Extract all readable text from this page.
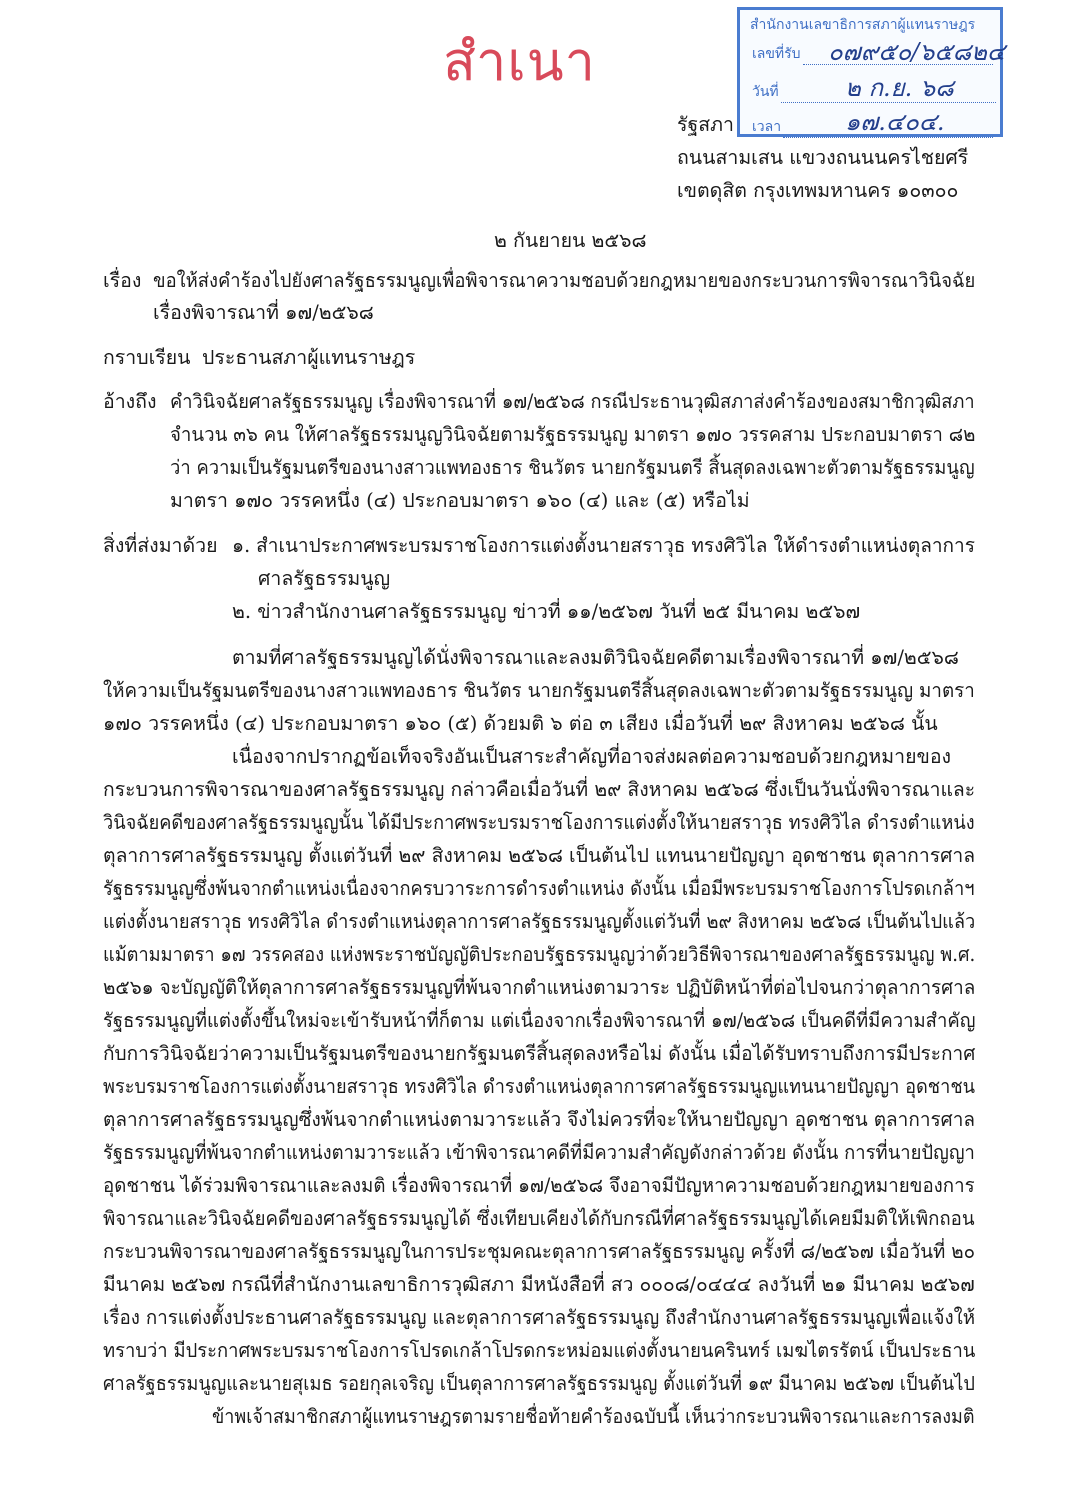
สำเนา
สำนักงานเลขาธิการสภาผู้แทนราษฎร
เลขที่รับ	๐๗๙๕๐/๖๕๘๒๔
วันที่	๒ ก.ย. ๖๘
เวลา	๑๗.๔๐๔.
รัฐสภา
ถนนสามเสน แขวงถนนนครไชยศรี
เขตดุสิต กรุงเทพมหานคร ๑๐๓๐๐
๒ กันยายน ๒๕๖๘
เรื่อง ขอให้ส่งคำร้องไปยังศาลรัฐธรรมนูญเพื่อพิจารณาความชอบด้วยกฎหมายของกระบวนการพิจารณาวินิจฉัย
เรื่องพิจารณาที่ ๑๗/๒๕๖๘
กราบเรียน ประธานสภาผู้แทนราษฎร
อ้างถึง คำวินิจฉัยศาลรัฐธรรมนูญ เรื่องพิจารณาที่ ๑๗/๒๕๖๘ กรณีประธานวุฒิสภาส่งคำร้องของสมาชิกวุฒิสภา
จำนวน ๓๖ คน ให้ศาลรัฐธรรมนูญวินิจฉัยตามรัฐธรรมนูญ มาตรา ๑๗๐ วรรคสาม ประกอบมาตรา ๘๒
ว่า ความเป็นรัฐมนตรีของนางสาวแพทองธาร ชินวัตร นายกรัฐมนตรี สิ้นสุดลงเฉพาะตัวตามรัฐธรรมนูญ
มาตรา ๑๗๐ วรรคหนึ่ง (๔) ประกอบมาตรา ๑๖๐ (๔) และ (๕) หรือไม่
สิ่งที่ส่งมาด้วย ๑. สำเนาประกาศพระบรมราชโองการแต่งตั้งนายสราวุธ ทรงศิวิไล ให้ดำรงตำแหน่งตุลาการ
ศาลรัฐธรรมนูญ
๒. ข่าวสำนักงานศาลรัฐธรรมนูญ ข่าวที่ ๑๑/๒๕๖๗ วันที่ ๒๕ มีนาคม ๒๕๖๗
ตามที่ศาลรัฐธรรมนูญได้นั่งพิจารณาและลงมติวินิจฉัยคดีตามเรื่องพิจารณาที่ ๑๗/๒๕๖๘
ให้ความเป็นรัฐมนตรีของนางสาวแพทองธาร ชินวัตร นายกรัฐมนตรีสิ้นสุดลงเฉพาะตัวตามรัฐธรรมนูญ มาตรา
๑๗๐ วรรคหนึ่ง (๔) ประกอบมาตรา ๑๖๐ (๕) ด้วยมติ ๖ ต่อ ๓ เสียง เมื่อวันที่ ๒๙ สิงหาคม ๒๕๖๘ นั้น
เนื่องจากปรากฏข้อเท็จจริงอันเป็นสาระสำคัญที่อาจส่งผลต่อความชอบด้วยกฎหมายของ
กระบวนการพิจารณาของศาลรัฐธรรมนูญ กล่าวคือเมื่อวันที่ ๒๙ สิงหาคม ๒๕๖๘ ซึ่งเป็นวันนั่งพิจารณาและ
วินิจฉัยคดีของศาลรัฐธรรมนูญนั้น ได้มีประกาศพระบรมราชโองการแต่งตั้งให้นายสราวุธ ทรงศิวิไล ดำรงตำแหน่ง
ตุลาการศาลรัฐธรรมนูญ ตั้งแต่วันที่ ๒๙ สิงหาคม ๒๕๖๘ เป็นต้นไป แทนนายปัญญา อุดชาชน ตุลาการศาล
รัฐธรรมนูญซึ่งพ้นจากตำแหน่งเนื่องจากครบวาระการดำรงตำแหน่ง ดังนั้น เมื่อมีพระบรมราชโองการโปรดเกล้าฯ
แต่งตั้งนายสราวุธ ทรงศิวิไล ดำรงตำแหน่งตุลาการศาลรัฐธรรมนูญตั้งแต่วันที่ ๒๙ สิงหาคม ๒๕๖๘ เป็นต้นไปแล้ว
แม้ตามมาตรา ๑๗ วรรคสอง แห่งพระราชบัญญัติประกอบรัฐธรรมนูญว่าด้วยวิธีพิจารณาของศาลรัฐธรรมนูญ พ.ศ.
๒๕๖๑ จะบัญญัติให้ตุลาการศาลรัฐธรรมนูญที่พ้นจากตำแหน่งตามวาระ ปฏิบัติหน้าที่ต่อไปจนกว่าตุลาการศาล
รัฐธรรมนูญที่แต่งตั้งขึ้นใหม่จะเข้ารับหน้าที่ก็ตาม แต่เนื่องจากเรื่องพิจารณาที่ ๑๗/๒๕๖๘ เป็นคดีที่มีความสำคัญ
กับการวินิจฉัยว่าความเป็นรัฐมนตรีของนายกรัฐมนตรีสิ้นสุดลงหรือไม่ ดังนั้น เมื่อได้รับทราบถึงการมีประกาศ
พระบรมราชโองการแต่งตั้งนายสราวุธ ทรงศิวิไล ดำรงตำแหน่งตุลาการศาลรัฐธรรมนูญแทนนายปัญญา อุดชาชน
ตุลาการศาลรัฐธรรมนูญซึ่งพ้นจากตำแหน่งตามวาระแล้ว จึงไม่ควรที่จะให้นายปัญญา อุดชาชน ตุลาการศาล
รัฐธรรมนูญที่พ้นจากตำแหน่งตามวาระแล้ว เข้าพิจารณาคดีที่มีความสำคัญดังกล่าวด้วย ดังนั้น การที่นายปัญญา
อุดชาชน ได้ร่วมพิจารณาและลงมติ เรื่องพิจารณาที่ ๑๗/๒๕๖๘ จึงอาจมีปัญหาความชอบด้วยกฎหมายของการ
พิจารณาและวินิจฉัยคดีของศาลรัฐธรรมนูญได้ ซึ่งเทียบเคียงได้กับกรณีที่ศาลรัฐธรรมนูญได้เคยมีมติให้เพิกถอน
กระบวนพิจารณาของศาลรัฐธรรมนูญในการประชุมคณะตุลาการศาลรัฐธรรมนูญ ครั้งที่ ๘/๒๕๖๗ เมื่อวันที่ ๒๐
มีนาคม ๒๕๖๗ กรณีที่สำนักงานเลขาธิการวุฒิสภา มีหนังสือที่ สว ๐๐๐๘/๐๔๔๔ ลงวันที่ ๒๑ มีนาคม ๒๕๖๗
เรื่อง การแต่งตั้งประธานศาลรัฐธรรมนูญ และตุลาการศาลรัฐธรรมนูญ ถึงสำนักงานศาลรัฐธรรมนูญเพื่อแจ้งให้
ทราบว่า มีประกาศพระบรมราชโองการโปรดเกล้าโปรดกระหม่อมแต่งตั้งนายนครินทร์ เมฆไตรรัตน์ เป็นประธาน
ศาลรัฐธรรมนูญและนายสุเมธ รอยกุลเจริญ เป็นตุลาการศาลรัฐธรรมนูญ ตั้งแต่วันที่ ๑๙ มีนาคม ๒๕๖๗ เป็นต้นไป
ข้าพเจ้าสมาชิกสภาผู้แทนราษฎรตามรายชื่อท้ายคำร้องฉบับนี้ เห็นว่ากระบวนพิจารณาและการลงมติ
